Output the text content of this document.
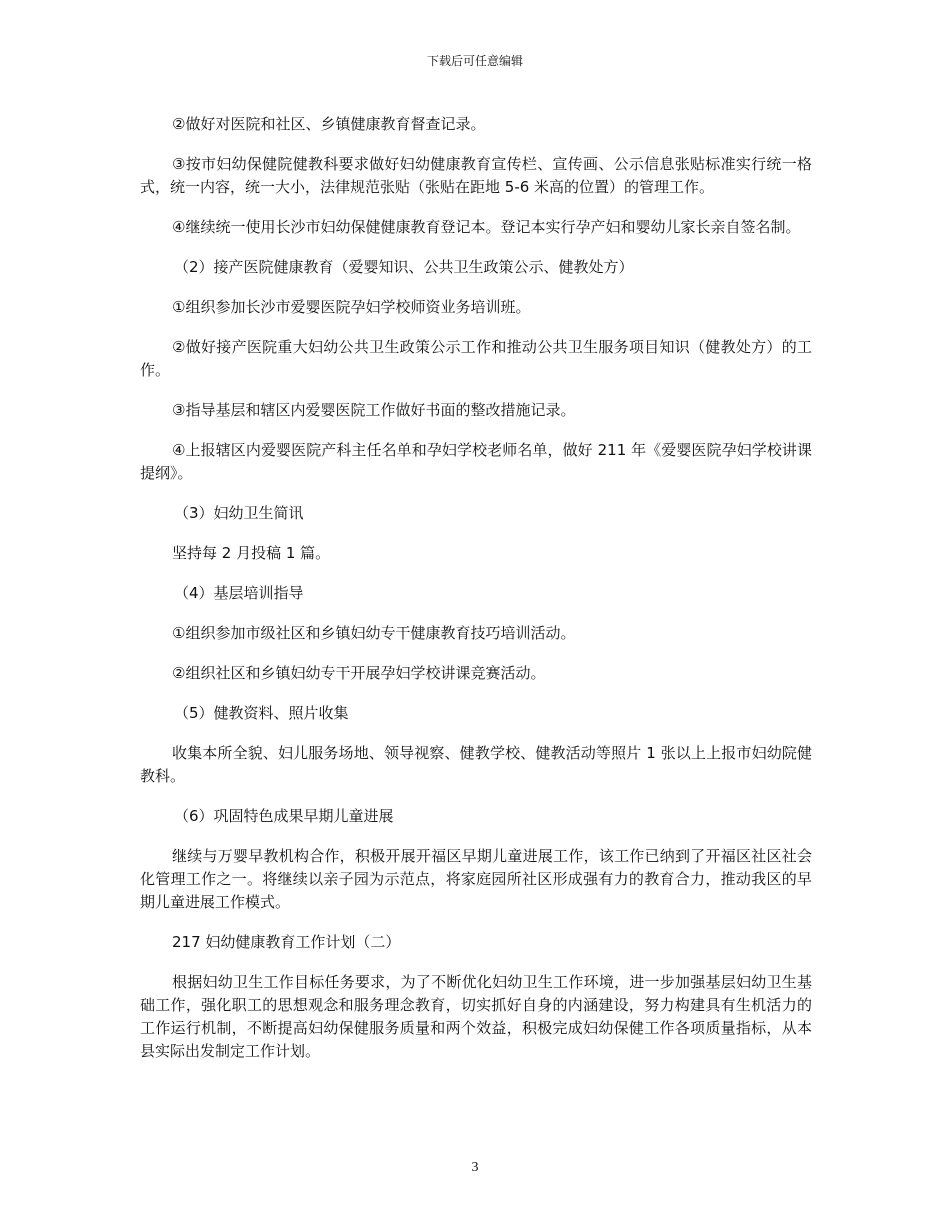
下载后可任意编辑

②做好对医院和社区、乡镇健康教育督查记录。

③按市妇幼保健院健教科要求做好妇幼健康教育宣传栏、宣传画、公示信息张贴标准实行统一格式，统一内容，统一大小，法律规范张贴（张贴在距地 5-6 米高的位置）的管理工作。

④继续统一使用长沙市妇幼保健健康教育登记本。登记本实行孕产妇和婴幼儿家长亲自签名制。

（2）接产医院健康教育（爱婴知识、公共卫生政策公示、健教处方）

①组织参加长沙市爱婴医院孕妇学校师资业务培训班。

②做好接产医院重大妇幼公共卫生政策公示工作和推动公共卫生服务项目知识（健教处方）的工作。

③指导基层和辖区内爱婴医院工作做好书面的整改措施记录。

④上报辖区内爱婴医院产科主任名单和孕妇学校老师名单，做好 211 年《爱婴医院孕妇学校讲课提纲》。

（3）妇幼卫生简讯

坚持每 2 月投稿 1 篇。

（4）基层培训指导

①组织参加市级社区和乡镇妇幼专干健康教育技巧培训活动。

②组织社区和乡镇妇幼专干开展孕妇学校讲课竞赛活动。

（5）健教资料、照片收集

收集本所全貌、妇儿服务场地、领导视察、健教学校、健教活动等照片 1 张以上上报市妇幼院健教科。

（6）巩固特色成果早期儿童进展

继续与万婴早教机构合作，积极开展开福区早期儿童进展工作，该工作已纳到了开福区社区社会化管理工作之一。将继续以亲子园为示范点，将家庭园所社区形成强有力的教育合力，推动我区的早期儿童进展工作模式。

217 妇幼健康教育工作计划（二）

根据妇幼卫生工作目标任务要求，为了不断优化妇幼卫生工作环境，进一步加强基层妇幼卫生基础工作，强化职工的思想观念和服务理念教育，切实抓好自身的内涵建设，努力构建具有生机活力的工作运行机制，不断提高妇幼保健服务质量和两个效益，积极完成妇幼保健工作各项质量指标，从本县实际出发制定工作计划。

3
